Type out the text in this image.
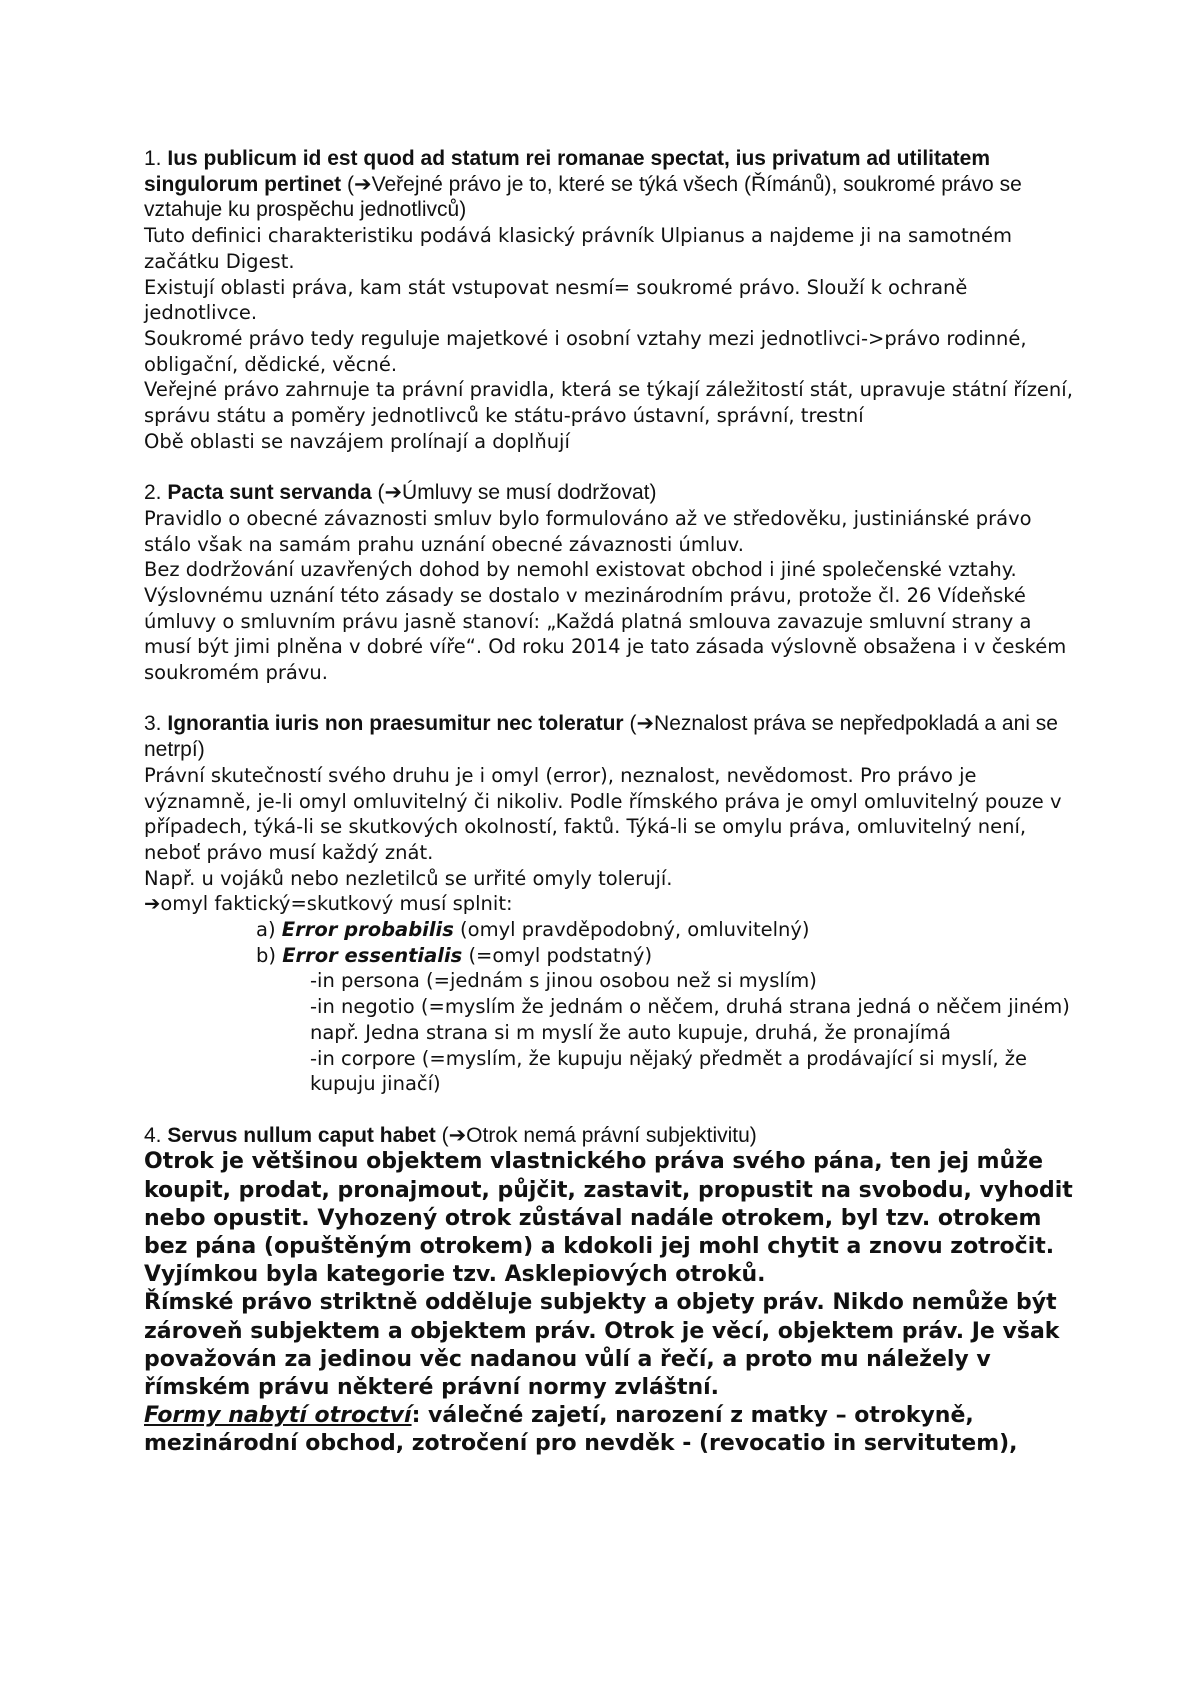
1. Ius publicum id est quod ad statum rei romanae spectat, ius privatum ad utilitatem singulorum pertinet (➔Veřejné právo je to, které se týká všech (Římánů), soukromé právo se vztahuje ku prospěchu jednotlivců)

Tuto definici charakteristiku podává klasický právník Ulpianus a najdeme ji na samotném začátku Digest.

Existují oblasti práva, kam stát vstupovat nesmí= soukromé právo. Slouží k ochraně jednotlivce.

Soukromé právo tedy reguluje majetkové i osobní vztahy mezi jednotlivci->právo rodinné, obligační, dědické, věcné.

Veřejné právo zahrnuje ta právní pravidla, která se týkají záležitostí stát, upravuje státní řízení, správu státu a poměry jednotlivců ke státu-právo ústavní, správní, trestní

Obě oblasti se navzájem prolínají a doplňují

2. Pacta sunt servanda (➔Úmluvy se musí dodržovat)

Pravidlo o obecné závaznosti smluv bylo formulováno až ve středověku, justiniánské právo stálo však na samám prahu uznání obecné závaznosti úmluv.

Bez dodržování uzavřených dohod by nemohl existovat obchod i jiné společenské vztahy.

Výslovnému uznání této zásady se dostalo v mezinárodním právu, protože čl. 26 Vídeňské úmluvy o smluvním právu jasně stanoví: „Každá platná smlouva zavazuje smluvní strany a musí být jimi plněna v dobré víře“. Od roku 2014 je tato zásada výslovně obsažena i v českém soukromém právu.

3. Ignorantia iuris non praesumitur nec toleratur (➔Neznalost práva se nepředpokladá a ani se netrpí)

Právní skutečností svého druhu je i omyl (error), neznalost, nevědomost. Pro právo je významně, je-li omyl omluvitelný či nikoliv. Podle římského práva je omyl omluvitelný pouze v případech, týká-li se skutkových okolností, faktů. Týká-li se omylu práva, omluvitelný není, neboť právo musí každý znát.

Např. u vojáků nebo nezletilců se urřité omyly tolerují.

➔omyl faktický=skutkový musí splnit:

a) Error probabilis (omyl pravděpodobný, omluvitelný)

b) Error essentialis (=omyl podstatný)

-in persona (=jednám s jinou osobou než si myslím)

-in negotio (=myslím že jednám o něčem, druhá strana jedná o něčem jiném) např. Jedna strana si m myslí že auto kupuje, druhá, že pronajímá

-in corpore (=myslím, že kupuju nějaký předmět a prodávající si myslí, žekupuju jinačí)

4. Servus nullum caput habet (➔Otrok nemá právní subjektivitu)

Otrok je většinou objektem vlastnického práva svého pána, ten jej může koupit, prodat, pronajmout, půjčit, zastavit, propustit na svobodu, vyhodit nebo opustit. Vyhozený otrok zůstával nadále otrokem, byl tzv. otrokem bez pána (opuštěným otrokem) a kdokoli jej mohl chytit a znovu zotročit. Vyjímkou byla kategorie tzv. Asklepiových otroků.

Římské právo striktně odděluje subjekty a objety práv. Nikdo nemůže být zároveň subjektem a objektem práv. Otrok je věcí, objektem práv. Je však považován za jedinou věc nadanou vůlí a řečí, a proto mu náležely v římském právu některé právní normy zvláštní.

Formy nabytí otroctví: válečné zajetí, narození z matky – otrokyně, mezinárodní obchod, zotročení pro nevděk - (revocatio in servitutem),
